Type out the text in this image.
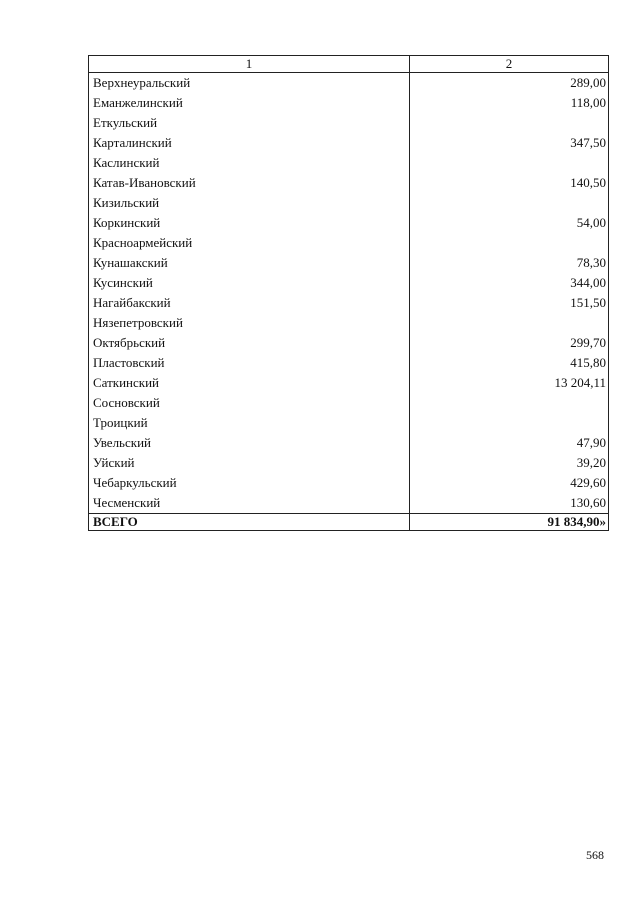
1	2
Верхнеуральский	289,00
Еманжелинский	118,00
Еткульский	
Карталинский	347,50
Каслинский	
Катав-Ивановский	140,50
Кизильский	
Коркинский	54,00
Красноармейский	
Кунашакский	78,30
Кусинский	344,00
Нагайбакский	151,50
Нязепетровский	
Октябрьский	299,70
Пластовский	415,80
Саткинский	13 204,11
Сосновский	
Троицкий	
Увельский	47,90
Уйский	39,20
Чебаркульский	429,60
Чесменский	130,60
ВСЕГО	91 834,90»
568
